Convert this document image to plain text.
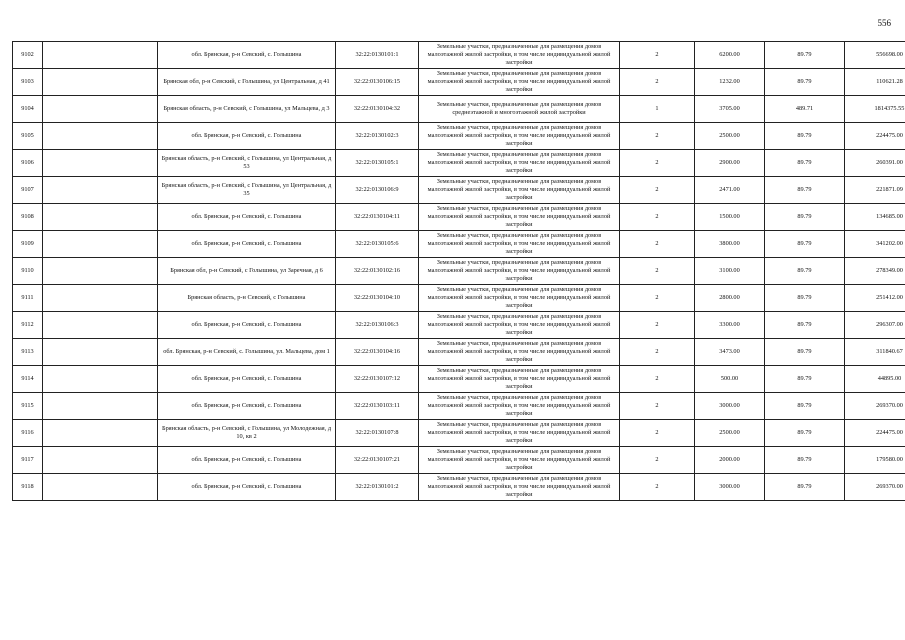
556
9102		обл. Брянская, р-н Севский, с. Голышина	32:22:0130101:1	Земельные участки, предназначенные для размещения домов малоэтажной жилой застройки, в том числе индивидуальной жилой застройки	2	6200.00	89.79	556698.00
9103		Брянская обл, р-н Севский, с Голышина, ул Центральная, д 41	32:22:0130106:15	Земельные участки, предназначенные для размещения домов малоэтажной жилой застройки, в том числе индивидуальной жилой застройки	2	1232.00	89.79	110621.28
9104		Брянская область, р-н Севский, с Голышина, ул Мальцева, д 3	32:22:0130104:32	Земельные участки, предназначенные для размещения домов среднеэтажной и многоэтажной жилой застройки	1	3705.00	489.71	1814375.55
9105		обл. Брянская, р-н Севский, с. Голышина	32:22:0130102:3	Земельные участки, предназначенные для размещения домов малоэтажной жилой застройки, в том числе индивидуальной жилой застройки	2	2500.00	89.79	224475.00
9106		Брянская область, р-н Севский, с Голышина, ул Центральная, д 53	32:22:0130105:1	Земельные участки, предназначенные для размещения домов малоэтажной жилой застройки, в том числе индивидуальной жилой застройки	2	2900.00	89.79	260391.00
9107		Брянская область, р-н Севский, с Голышина, ул Центральная, д 35	32:22:0130106:9	Земельные участки, предназначенные для размещения домов малоэтажной жилой застройки, в том числе индивидуальной жилой застройки	2	2471.00	89.79	221871.09
9108		обл. Брянская, р-н Севский, с. Голышина	32:22:0130104:11	Земельные участки, предназначенные для размещения домов малоэтажной жилой застройки, в том числе индивидуальной жилой застройки	2	1500.00	89.79	134685.00
9109		обл. Брянская, р-н Севский, с. Голышина	32:22:0130105:6	Земельные участки, предназначенные для размещения домов малоэтажной жилой застройки, в том числе индивидуальной жилой застройки	2	3800.00	89.79	341202.00
9110		Брянская обл, р-н Севский, с Голышина, ул Заречная, д 6	32:22:0130102:16	Земельные участки, предназначенные для размещения домов малоэтажной жилой застройки, в том числе индивидуальной жилой застройки	2	3100.00	89.79	278349.00
9111		Брянская область, р-н Севский, с Голышина	32:22:0130104:10	Земельные участки, предназначенные для размещения домов малоэтажной жилой застройки, в том числе индивидуальной жилой застройки	2	2800.00	89.79	251412.00
9112		обл. Брянская, р-н Севский, с. Голышина	32:22:0130106:3	Земельные участки, предназначенные для размещения домов малоэтажной жилой застройки, в том числе индивидуальной жилой застройки	2	3300.00	89.79	296307.00
9113		обл. Брянская, р-н Севский, с. Голышина, ул. Мальцева, дом 1	32:22:0130104:16	Земельные участки, предназначенные для размещения домов малоэтажной жилой застройки, в том числе индивидуальной жилой застройки	2	3473.00	89.79	311840.67
9114		обл. Брянская, р-н Севский, с. Голышина	32:22:0130107:12	Земельные участки, предназначенные для размещения домов малоэтажной жилой застройки, в том числе индивидуальной жилой застройки	2	500.00	89.79	44895.00
9115		обл. Брянская, р-н Севский, с. Голышина	32:22:0130103:11	Земельные участки, предназначенные для размещения домов малоэтажной жилой застройки, в том числе индивидуальной жилой застройки	2	3000.00	89.79	269370.00
9116		Брянская область, р-н Севский, с Голышина, ул Молодежная, д 10, кв 2	32:22:0130107:8	Земельные участки, предназначенные для размещения домов малоэтажной жилой застройки, в том числе индивидуальной жилой застройки	2	2500.00	89.79	224475.00
9117		обл. Брянская, р-н Севский, с. Голышина	32:22:0130107:21	Земельные участки, предназначенные для размещения домов малоэтажной жилой застройки, в том числе индивидуальной жилой застройки	2	2000.00	89.79	179580.00
9118		обл. Брянская, р-н Севский, с. Голышина	32:22:0130101:2	Земельные участки, предназначенные для размещения домов малоэтажной жилой застройки, в том числе индивидуальной жилой застройки	2	3000.00	89.79	269370.00
